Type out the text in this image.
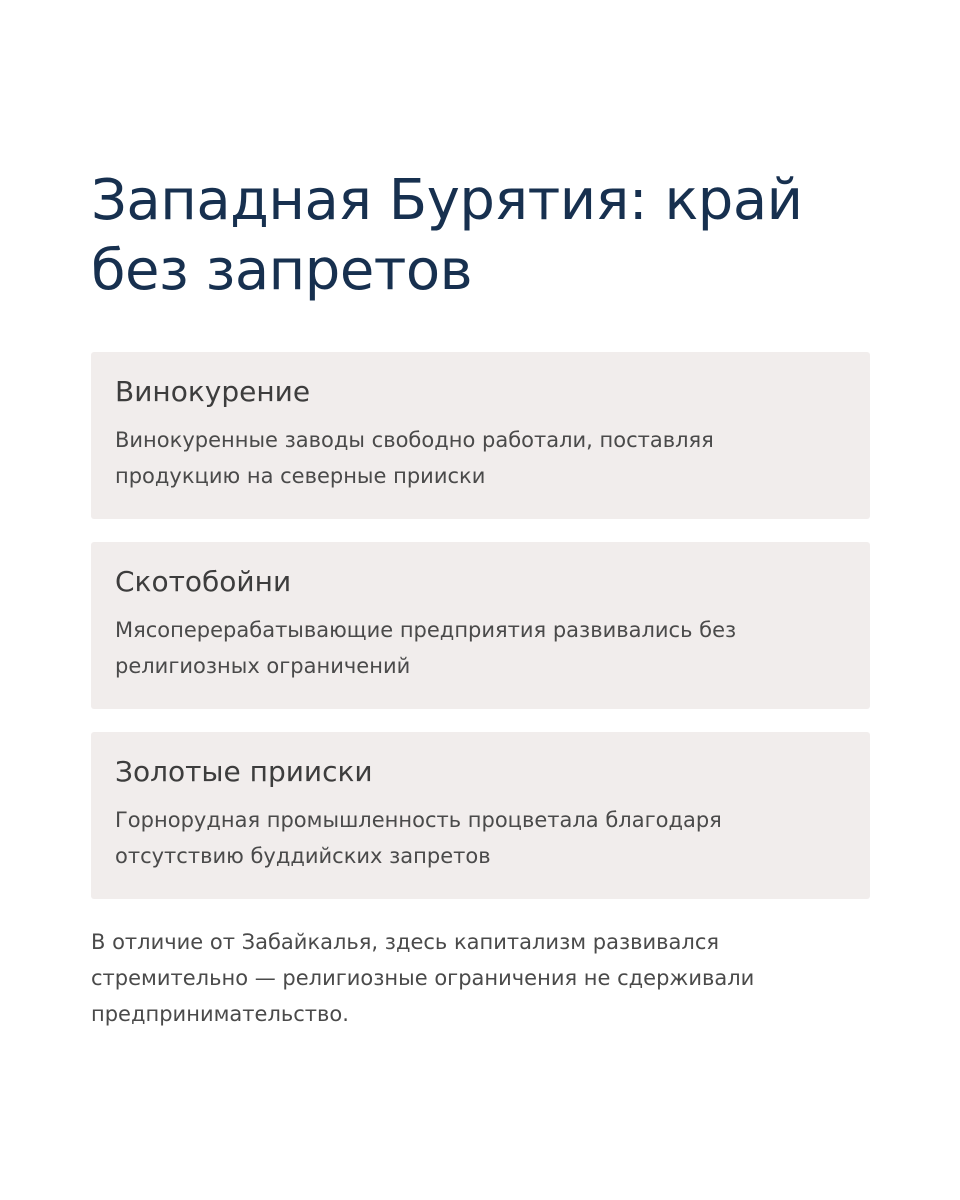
Западная Бурятия: край без запретов
Винокурение

Винокуренные заводы свободно работали, поставляя продукцию на северные прииски

Скотобойни

Мясоперерабатывающие предприятия развивались без религиозных ограничений

Золотые прииски

Горнорудная промышленность процветала благодаря отсутствию буддийских запретов

В отличие от Забайкалья, здесь капитализм развивался стремительно — религиозные ограничения не сдерживали предпринимательство.
